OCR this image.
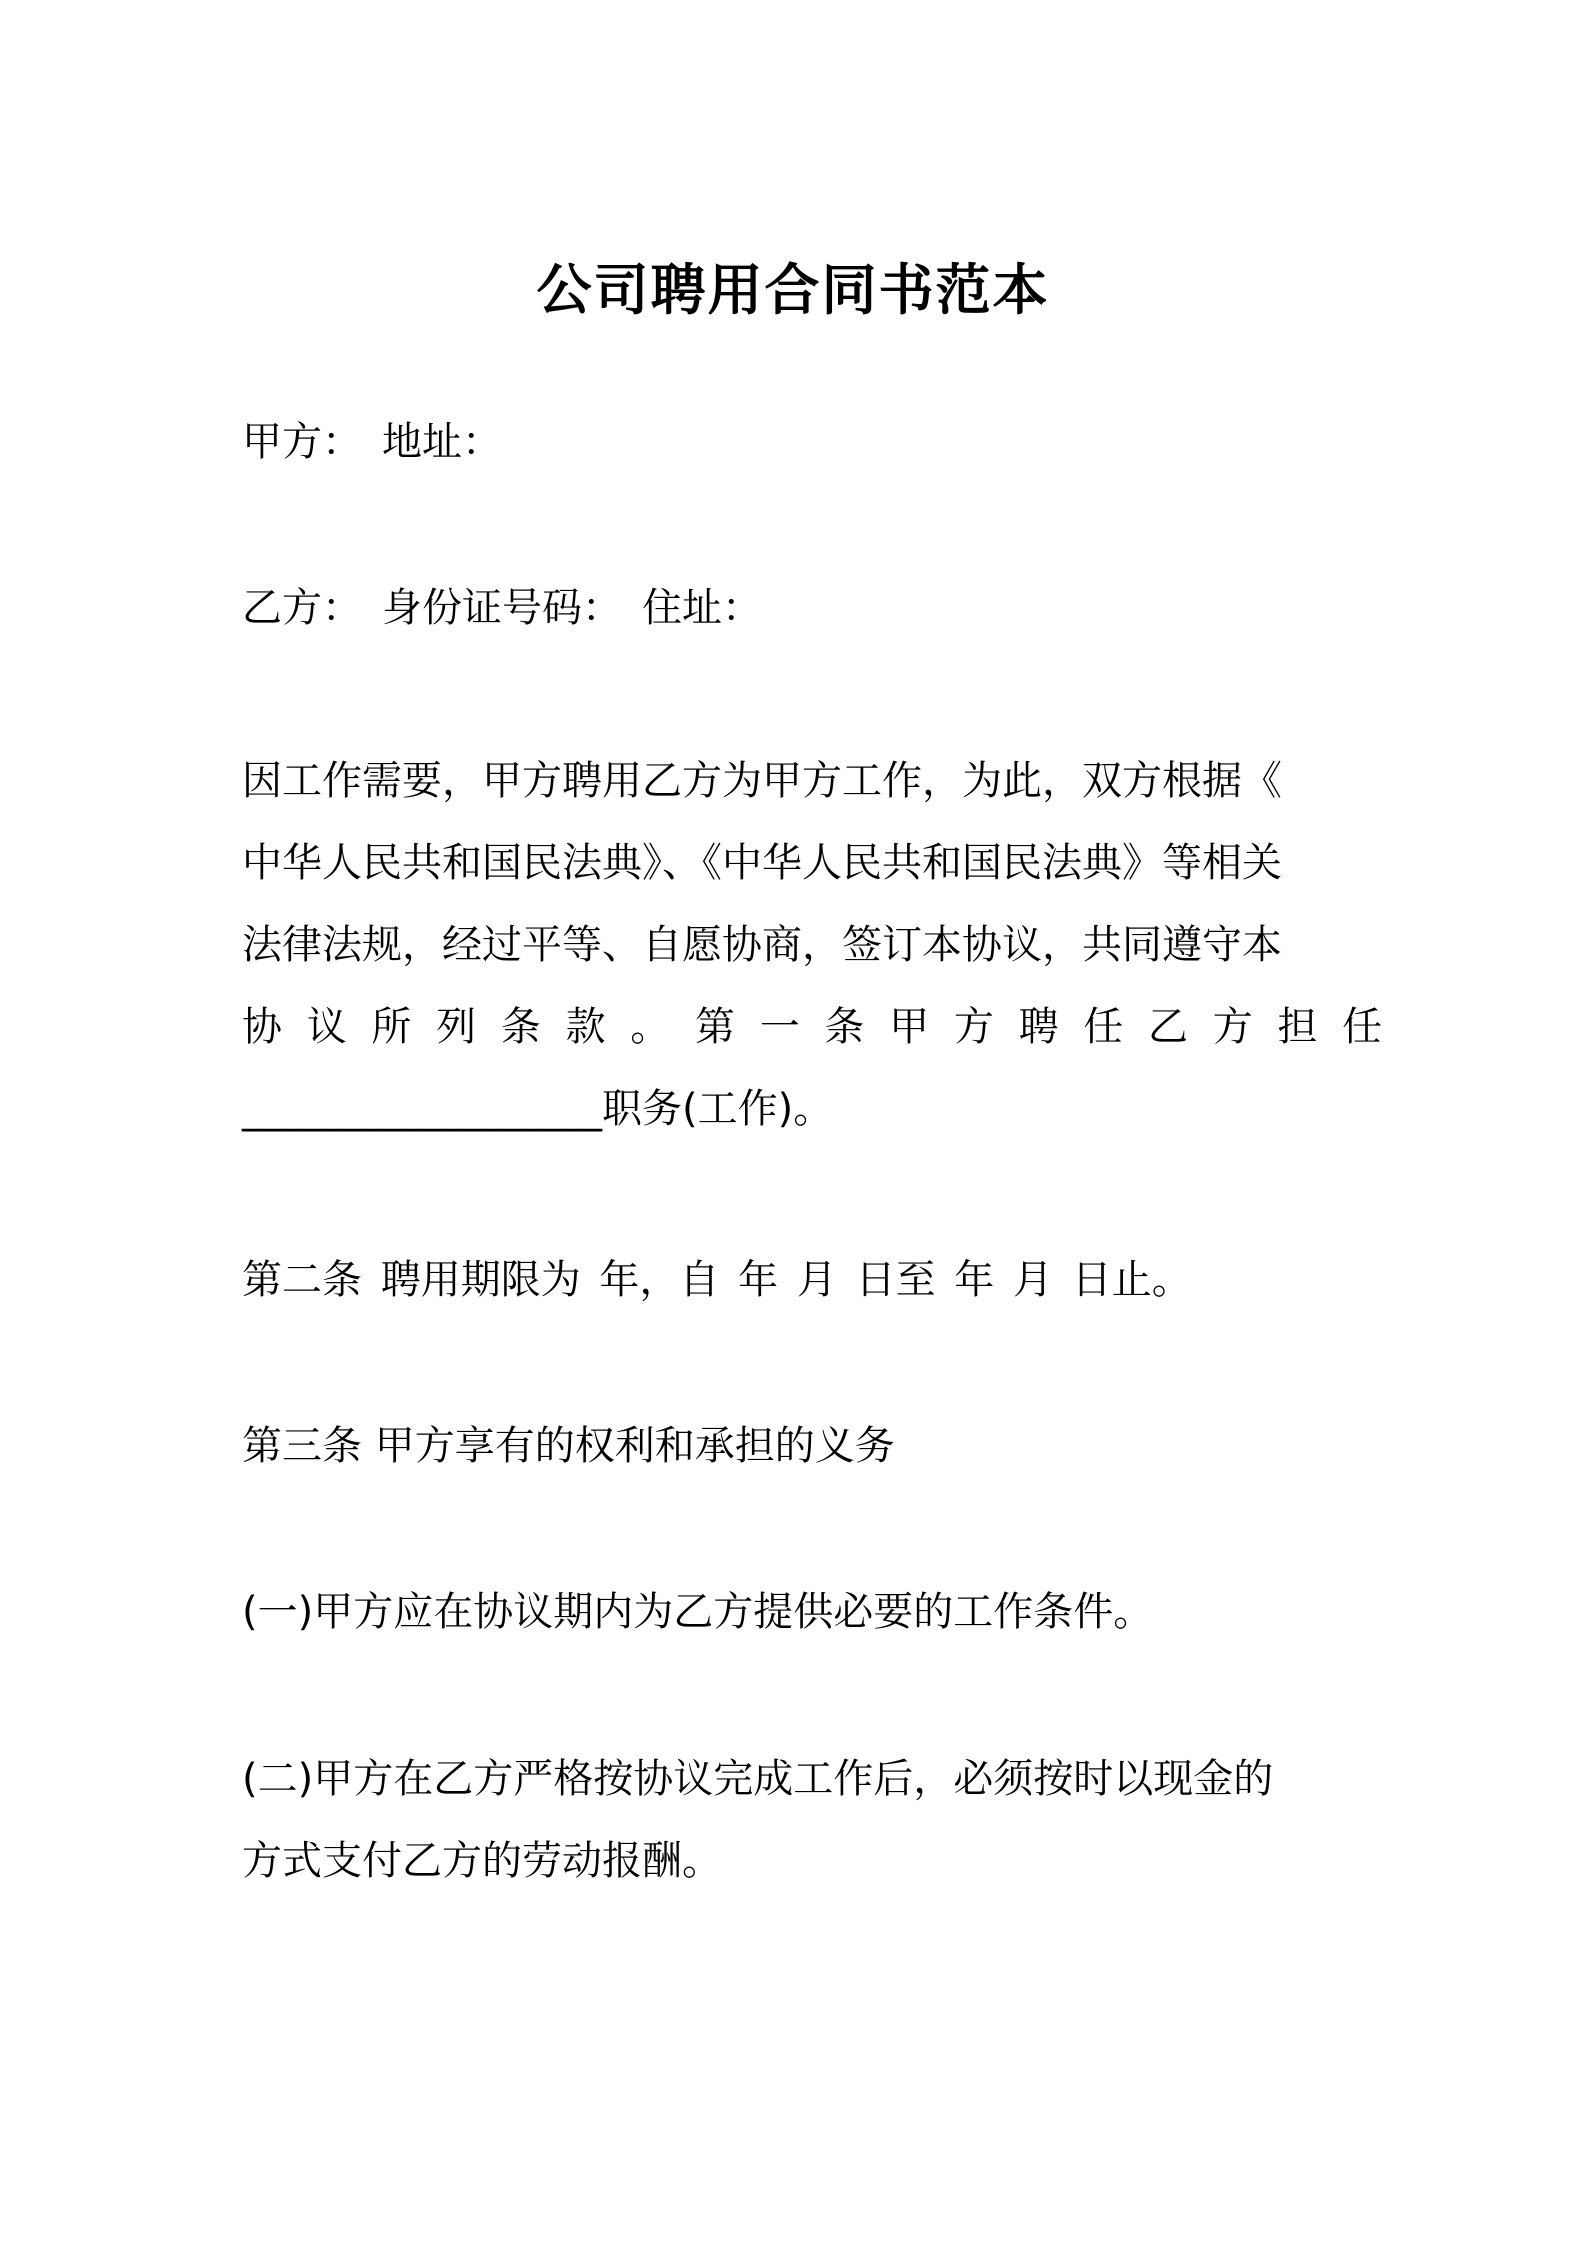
公司聘用合同书范本
甲方： 地址：
乙方： 身份证号码： 住址：
因工作需要，甲方聘用乙方为甲方工作，为此，双方根据《
中华人民共和国民法典》、《中华人民共和国民法典》等相关
法律法规，经过平等、自愿协商，签订本协议，共同遵守本
协 议 所 列 条 款 。 第 一 条 甲 方 聘 任 乙 方 担 任
__________________职务(工作)。
第二条 聘用期限为 年，自 年 月 日至 年 月 日止。
第三条 甲方享有的权利和承担的义务
(一)甲方应在协议期内为乙方提供必要的工作条件。
(二)甲方在乙方严格按协议完成工作后，必须按时以现金的
方式支付乙方的劳动报酬。
